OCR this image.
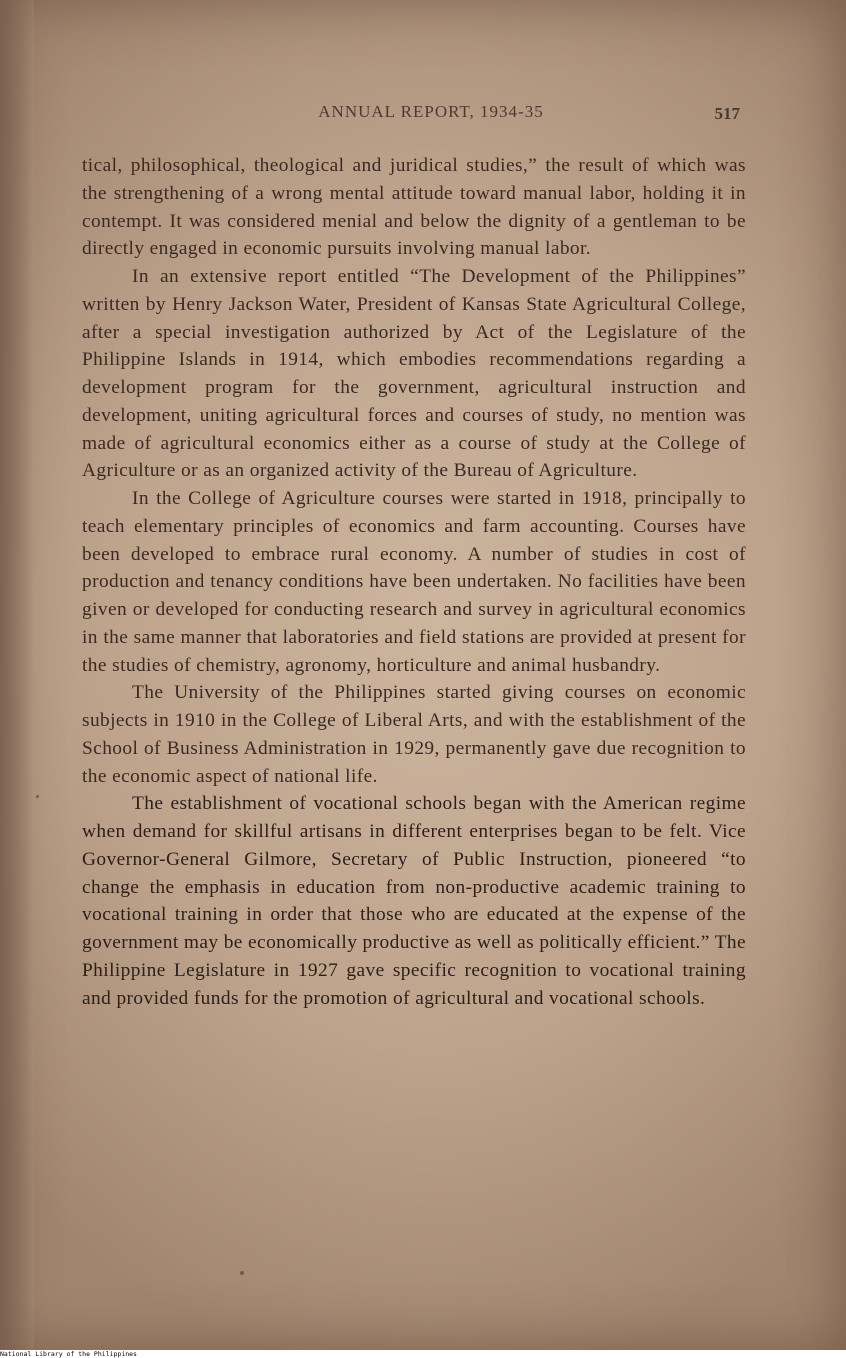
ANNUAL REPORT, 1934-35	517

tical, philosophical, theological and juridical studies,” the result of which was the strengthening of a wrong mental attitude toward manual labor, holding it in contempt. It was considered menial and below the dignity of a gentleman to be directly engaged in economic pursuits involving manual labor.

In an extensive report entitled “The Development of the Philippines” written by Henry Jackson Water, President of Kansas State Agricultural College, after a special investigation authorized by Act of the Legislature of the Philippine Islands in 1914, which embodies recommendations regarding a development program for the government, agricultural instruction and development, uniting agricultural forces and courses of study, no mention was made of agricultural economics either as a course of study at the College of Agriculture or as an organized activity of the Bureau of Agriculture.

In the College of Agriculture courses were started in 1918, principally to teach elementary principles of economics and farm accounting. Courses have been developed to embrace rural economy. A number of studies in cost of production and tenancy conditions have been undertaken. No facilities have been given or developed for conducting research and survey in agricultural economics in the same manner that laboratories and field stations are provided at present for the studies of chemistry, agronomy, horticulture and animal husbandry.

The University of the Philippines started giving courses on economic subjects in 1910 in the College of Liberal Arts, and with the establishment of the School of Business Administration in 1929, permanently gave due recognition to the economic aspect of national life.

The establishment of vocational schools began with the American regime when demand for skillful artisans in different enterprises began to be felt. Vice Governor-General Gilmore, Secretary of Public Instruction, pioneered “to change the emphasis in education from non-productive academic training to vocational training in order that those who are educated at the expense of the government may be economically productive as well as politically efficient.” The Philippine Legislature in 1927 gave specific recognition to vocational training and provided funds for the promotion of agricultural and vocational schools.

National Library of the Philippines
